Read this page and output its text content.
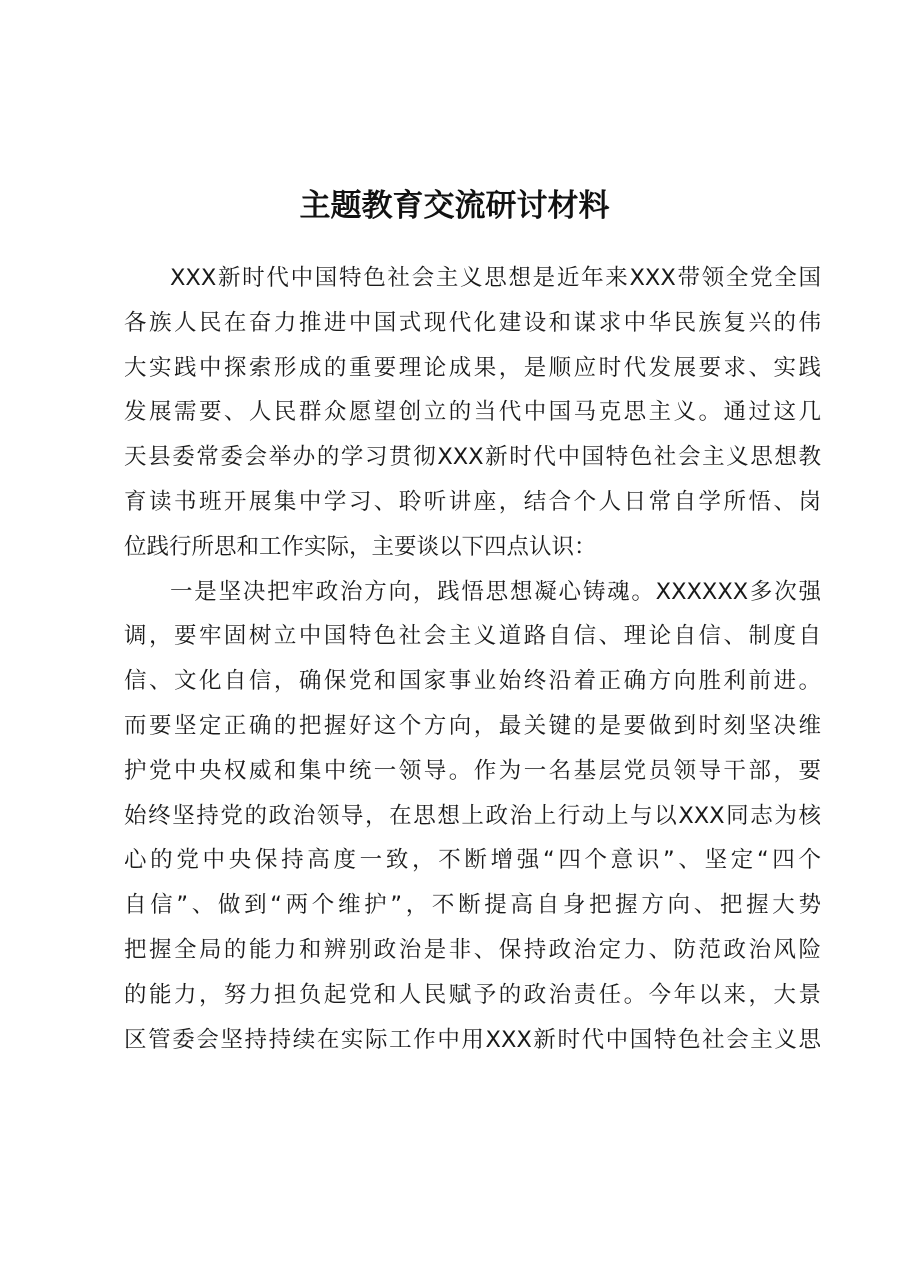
主题教育交流研讨材料
XXX新时代中国特色社会主义思想是近年来XXX带领全党全国
各族人民在奋力推进中国式现代化建设和谋求中华民族复兴的伟
大实践中探索形成的重要理论成果，是顺应时代发展要求、实践
发展需要、人民群众愿望创立的当代中国马克思主义。通过这几
天县委常委会举办的学习贯彻XXX新时代中国特色社会主义思想教
育读书班开展集中学习、聆听讲座，结合个人日常自学所悟、岗
位践行所思和工作实际，主要谈以下四点认识：
一是坚决把牢政治方向，践悟思想凝心铸魂。XXXXXX多次强
调，要牢固树立中国特色社会主义道路自信、理论自信、制度自
信、文化自信，确保党和国家事业始终沿着正确方向胜利前进。
而要坚定正确的把握好这个方向，最关键的是要做到时刻坚决维
护党中央权威和集中统一领导。作为一名基层党员领导干部，要
始终坚持党的政治领导，在思想上政治上行动上与以XXX同志为核
心的党中央保持高度一致，不断增强“四个意识”、坚定“四个
自信”、做到“两个维护”，不断提高自身把握方向、把握大势
把握全局的能力和辨别政治是非、保持政治定力、防范政治风险
的能力，努力担负起党和人民赋予的政治责任。今年以来，大景
区管委会坚持持续在实际工作中用XXX新时代中国特色社会主义思
